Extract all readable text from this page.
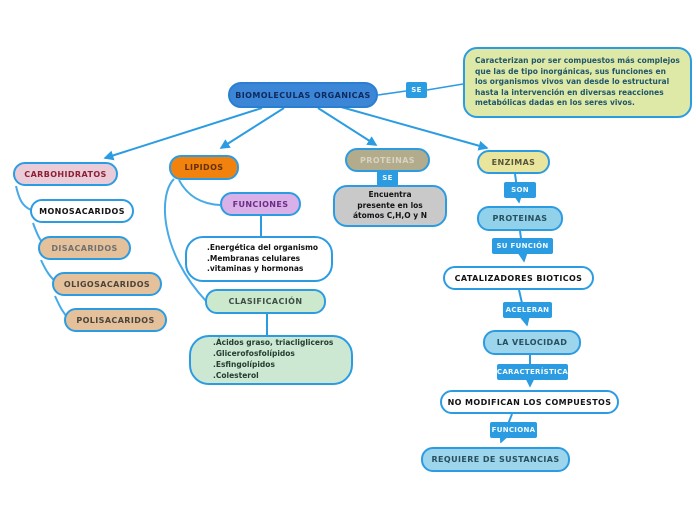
BIOMOLECULAS ORGANICAS
SE
Caracterizan por ser compuestos más complejos que las de tipo inorgánicas, sus funciones en los organismos vivos van desde lo estructural hasta la intervención en diversas reacciones metabólicas dadas en los seres vivos.
CARBOHIDRATOS
MONOSACARIDOS
DISACARIDOS
OLIGOSACARIDOS
POLISACARIDOS
LIPIDOS
FUNCIONES
.Energética del organismo
.Membranas celulares
.vitaminas y hormonas
CLASIFICACIÓN
.Ácidos graso, triacligliceros
.Glicerofosfolípidos
.Esfingolípidos
.Colesterol
PROTEINAS
SE
Encuentra
presente en los
átomos C,H,O y N
ENZIMAS
SON
PROTEINAS
SU FUNCIÓN
CATALIZADORES BIOTICOS
ACELERAN
LA VELOCIDAD
CARACTERÍSTICA
NO MODIFICAN LOS COMPUESTOS
FUNCIONA
REQUIERE DE SUSTANCIAS
